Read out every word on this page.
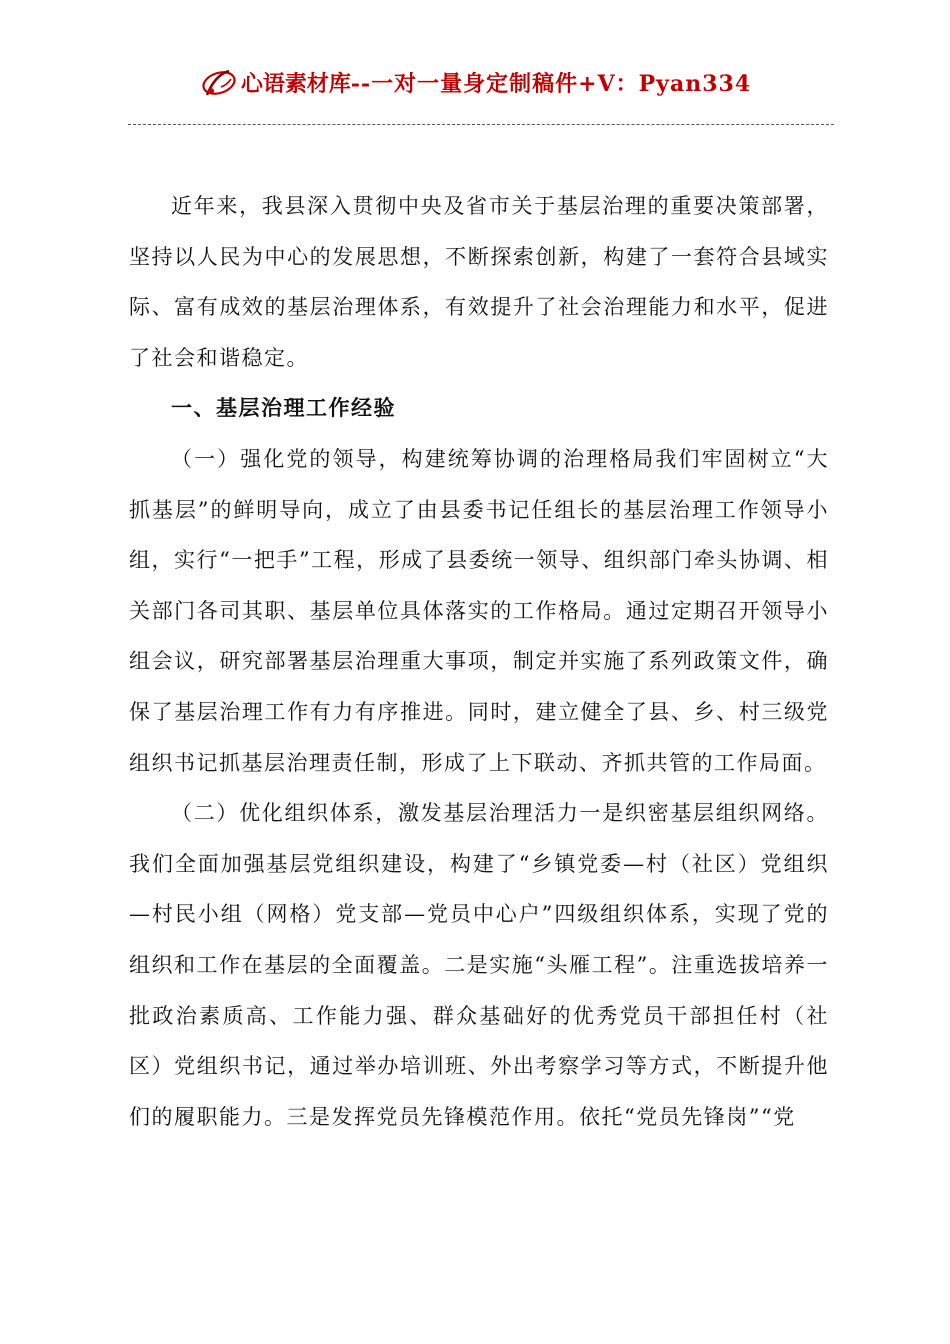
心语素材库 --一对一量身定制稿件+V：Pyan334

近年来，我县深入贯彻中央及省市关于基层治理的重要决策部署，坚持以人民为中心的发展思想，不断探索创新，构建了一套符合县域实际、富有成效的基层治理体系，有效提升了社会治理能力和水平，促进了社会和谐稳定。

一、基层治理工作经验

（一）强化党的领导，构建统筹协调的治理格局我们牢固树立“大抓基层”的鲜明导向，成立了由县委书记任组长的基层治理工作领导小组，实行“一把手”工程，形成了县委统一领导、组织部门牵头协调、相关部门各司其职、基层单位具体落实的工作格局。通过定期召开领导小组会议，研究部署基层治理重大事项，制定并实施了系列政策文件，确保了基层治理工作有力有序推进。同时，建立健全了县、乡、村三级党组织书记抓基层治理责任制，形成了上下联动、齐抓共管的工作局面。

（二）优化组织体系，激发基层治理活力一是织密基层组织网络。我们全面加强基层党组织建设，构建了“乡镇党委—村（社区）党组织—村民小组（网格）党支部—党员中心户”四级组织体系，实现了党的组织和工作在基层的全面覆盖。二是实施“头雁工程”。注重选拔培养一批政治素质高、工作能力强、群众基础好的优秀党员干部担任村（社区）党组织书记，通过举办培训班、外出考察学习等方式，不断提升他们的履职能力。三是发挥党员先锋模范作用。依托“党员先锋岗”“党
